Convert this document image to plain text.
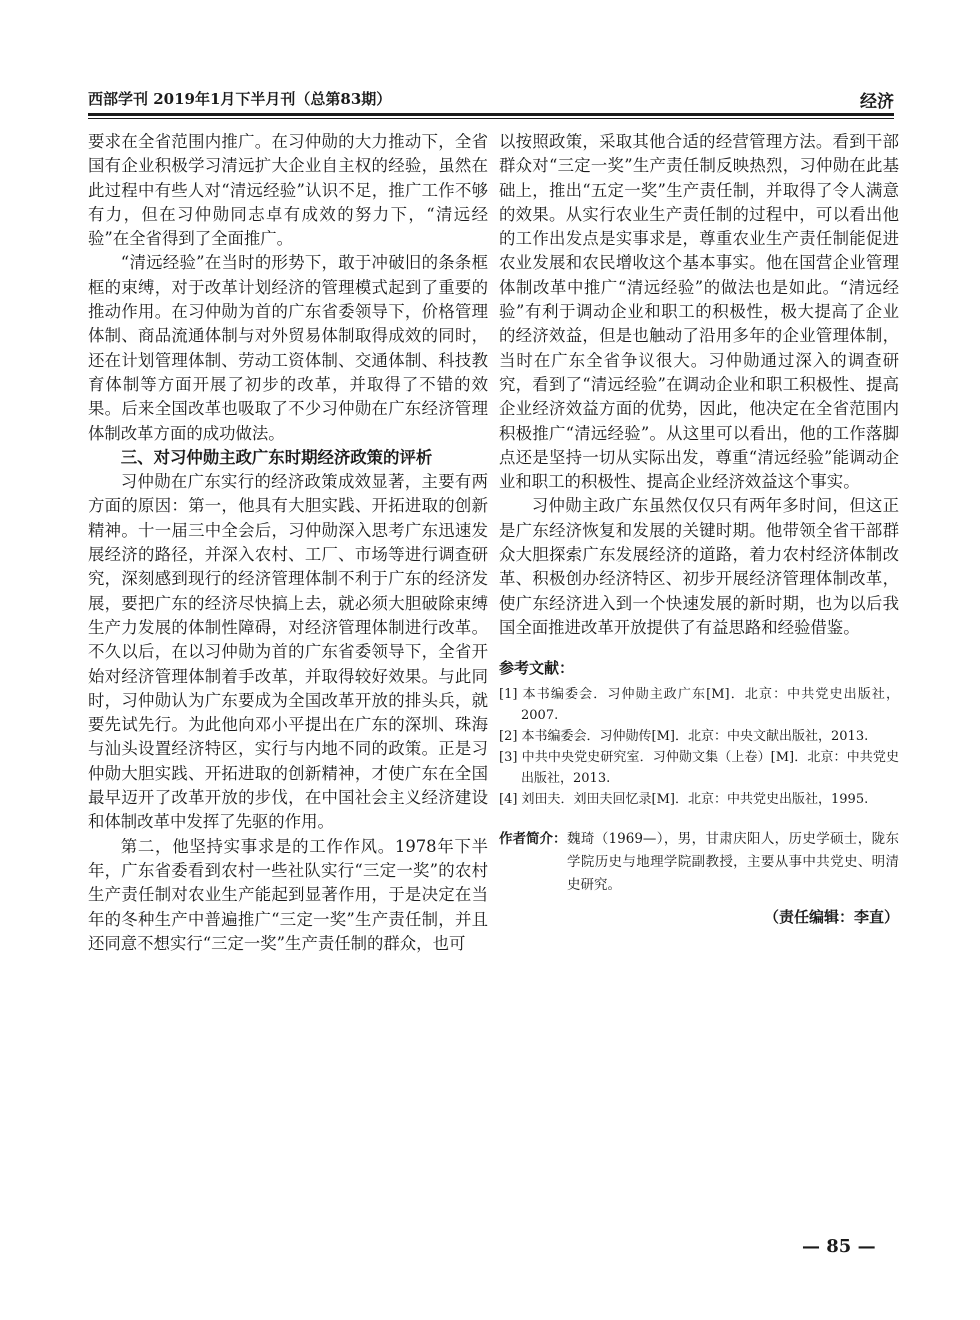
西部学刊 2019年1月下半月刊（总第83期）	经济

要求在全省范围内推广。在习仲勋的大力推动下，全省国有企业积极学习清远扩大企业自主权的经验，虽然在此过程中有些人对“清远经验”认识不足，推广工作不够有力，但在习仲勋同志卓有成效的努力下，“清远经验”在全省得到了全面推广。

“清远经验”在当时的形势下，敢于冲破旧的条条框框的束缚，对于改革计划经济的管理模式起到了重要的推动作用。在习仲勋为首的广东省委领导下，价格管理体制、商品流通体制与对外贸易体制取得成效的同时，还在计划管理体制、劳动工资体制、交通体制、科技教育体制等方面开展了初步的改革，并取得了不错的效果。后来全国改革也吸取了不少习仲勋在广东经济管理体制改革方面的成功做法。

三、对习仲勋主政广东时期经济政策的评析

习仲勋在广东实行的经济政策成效显著，主要有两方面的原因：第一，他具有大胆实践、开拓进取的创新精神。十一届三中全会后，习仲勋深入思考广东迅速发展经济的路径，并深入农村、工厂、市场等进行调查研究，深刻感到现行的经济管理体制不利于广东的经济发展，要把广东的经济尽快搞上去，就必须大胆破除束缚生产力发展的体制性障碍，对经济管理体制进行改革。不久以后，在以习仲勋为首的广东省委领导下，全省开始对经济管理体制着手改革，并取得较好效果。与此同时，习仲勋认为广东要成为全国改革开放的排头兵，就要先试先行。为此他向邓小平提出在广东的深圳、珠海与汕头设置经济特区，实行与内地不同的政策。正是习仲勋大胆实践、开拓进取的创新精神，才使广东在全国最早迈开了改革开放的步伐，在中国社会主义经济建设和体制改革中发挥了先驱的作用。

第二，他坚持实事求是的工作作风。1978年下半年，广东省委看到农村一些社队实行“三定一奖”的农村生产责任制对农业生产能起到显著作用，于是决定在当年的冬种生产中普遍推广“三定一奖”生产责任制，并且还同意不想实行“三定一奖”生产责任制的群众，也可

以按照政策，采取其他合适的经营管理方法。看到干部群众对“三定一奖”生产责任制反映热烈，习仲勋在此基础上，推出“五定一奖”生产责任制，并取得了令人满意的效果。从实行农业生产责任制的过程中，可以看出他的工作出发点是实事求是，尊重农业生产责任制能促进农业发展和农民增收这个基本事实。他在国营企业管理体制改革中推广“清远经验”的做法也是如此。“清远经验”有利于调动企业和职工的积极性，极大提高了企业的经济效益，但是也触动了沿用多年的企业管理体制，当时在广东全省争议很大。习仲勋通过深入的调查研究，看到了“清远经验”在调动企业和职工积极性、提高企业经济效益方面的优势，因此，他决定在全省范围内积极推广“清远经验”。从这里可以看出，他的工作落脚点还是坚持一切从实际出发，尊重“清远经验”能调动企业和职工的积极性、提高企业经济效益这个事实。

习仲勋主政广东虽然仅仅只有两年多时间，但这正是广东经济恢复和发展的关键时期。他带领全省干部群众大胆探索广东发展经济的道路，着力农村经济体制改革、积极创办经济特区、初步开展经济管理体制改革，使广东经济进入到一个快速发展的新时期，也为以后我国全面推进改革开放提供了有益思路和经验借鉴。

参考文献：

[1] 本书编委会．习仲勋主政广东[M]．北京：中共党史出版社，2007.

[2] 本书编委会．习仲勋传[M]．北京：中央文献出版社，2013.

[3] 中共中央党史研究室．习仲勋文集（上卷）[M]．北京：中共党史出版社，2013.

[4] 刘田夫．刘田夫回忆录[M]．北京：中共党史出版社，1995.

作者简介： 魏琦（1969—），男，甘肃庆阳人，历史学硕士，陇东学院历史与地理学院副教授，主要从事中共党史、明清史研究。
（责任编辑：李直）
— 85 —
